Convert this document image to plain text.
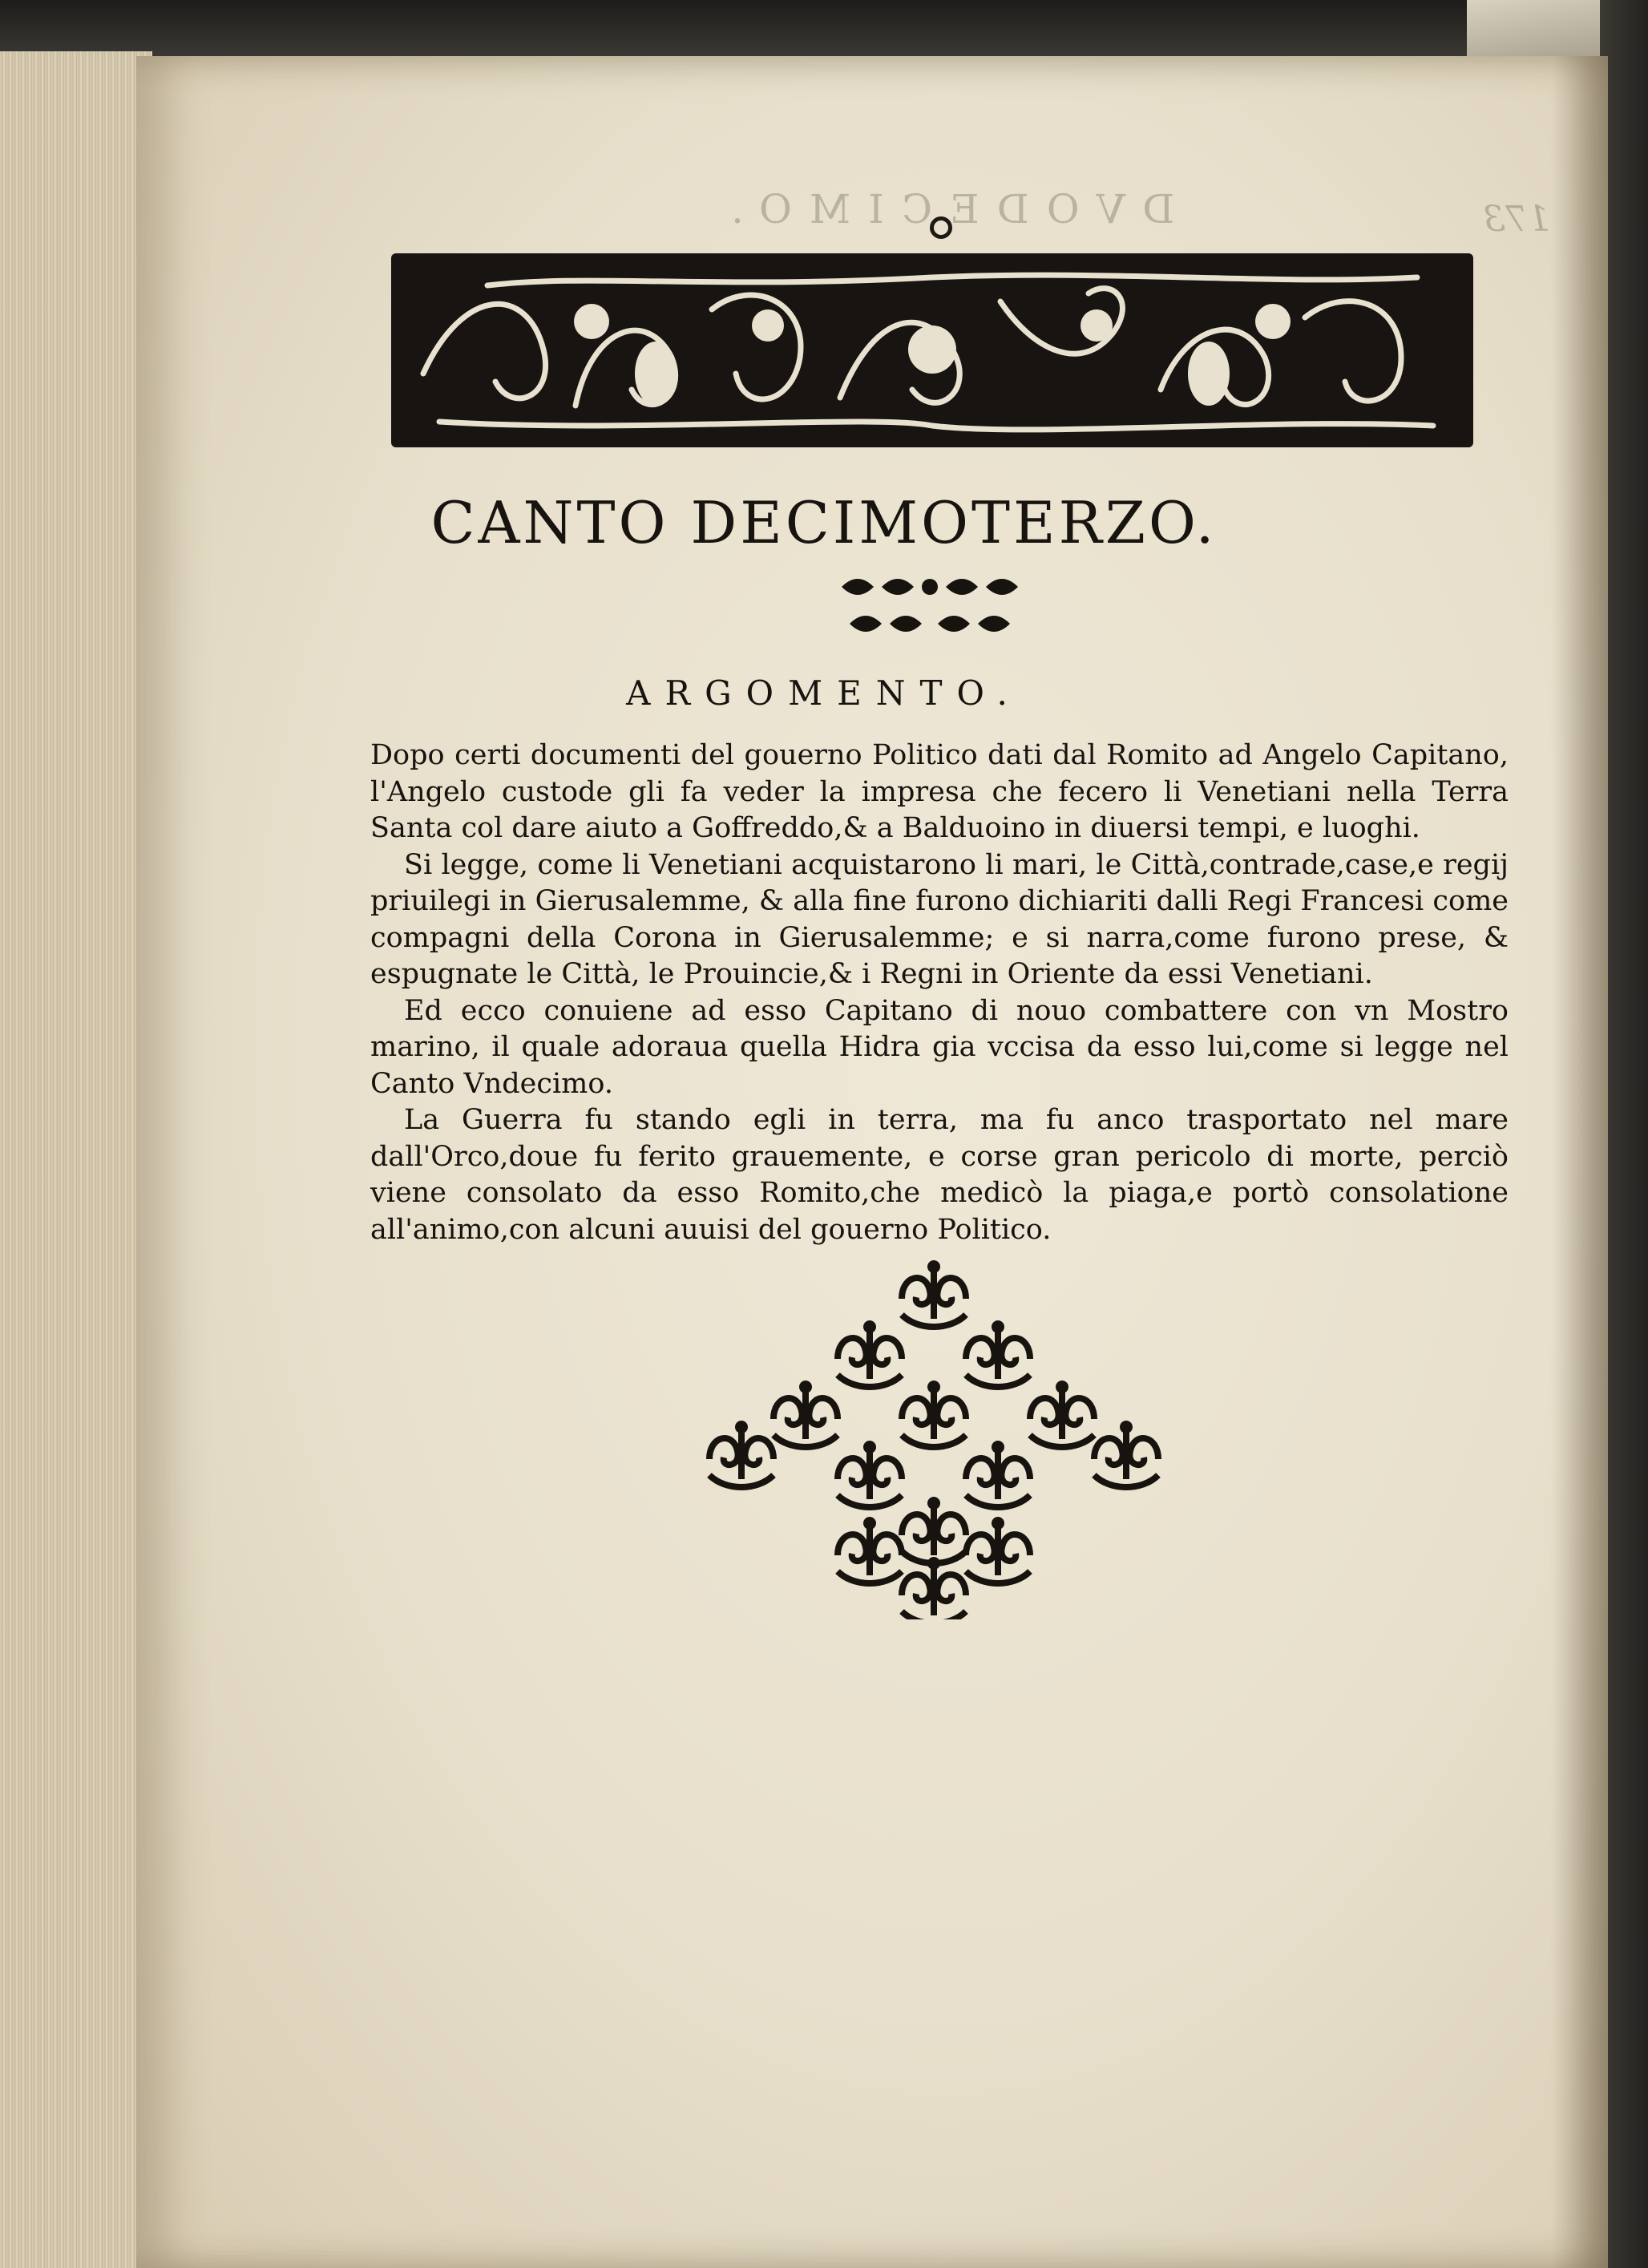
DVODECIMO.	173
CANTO DECIMOTERZO.
ARGOMENTO.

Dopo certi documenti del gouerno Politico dati dal Romito ad Angelo Capitano, l'Angelo custode gli fa veder la impresa che fecero li Venetiani nella Terra Santa col dare aiuto a Goffreddo,& a Balduoino in diuersi tempi, e luoghi.

Si legge, come li Venetiani acquistarono li mari, le Città,contrade,case,e regij priuilegi in Gierusalemme, & alla fine furono dichiariti dalli Regi Francesi come compagni della Corona in Gierusalemme; e si narra,come furono prese, & espugnate le Città, le Prouincie,& i Regni in Oriente da essi Venetiani.

Ed ecco conuiene ad esso Capitano di nouo combattere con vn Mostro marino, il quale adoraua quella Hidra gia vccisa da esso lui,come si legge nel Canto Vndecimo.

La Guerra fu stando egli in terra, ma fu anco trasportato nel mare dall'Orco,doue fu ferito grauemente, e corse gran pericolo di morte, perciò viene consolato da esso Romito,che medicò la piaga,e portò consolatione all'animo,con alcuni auuisi del gouerno Politico.
